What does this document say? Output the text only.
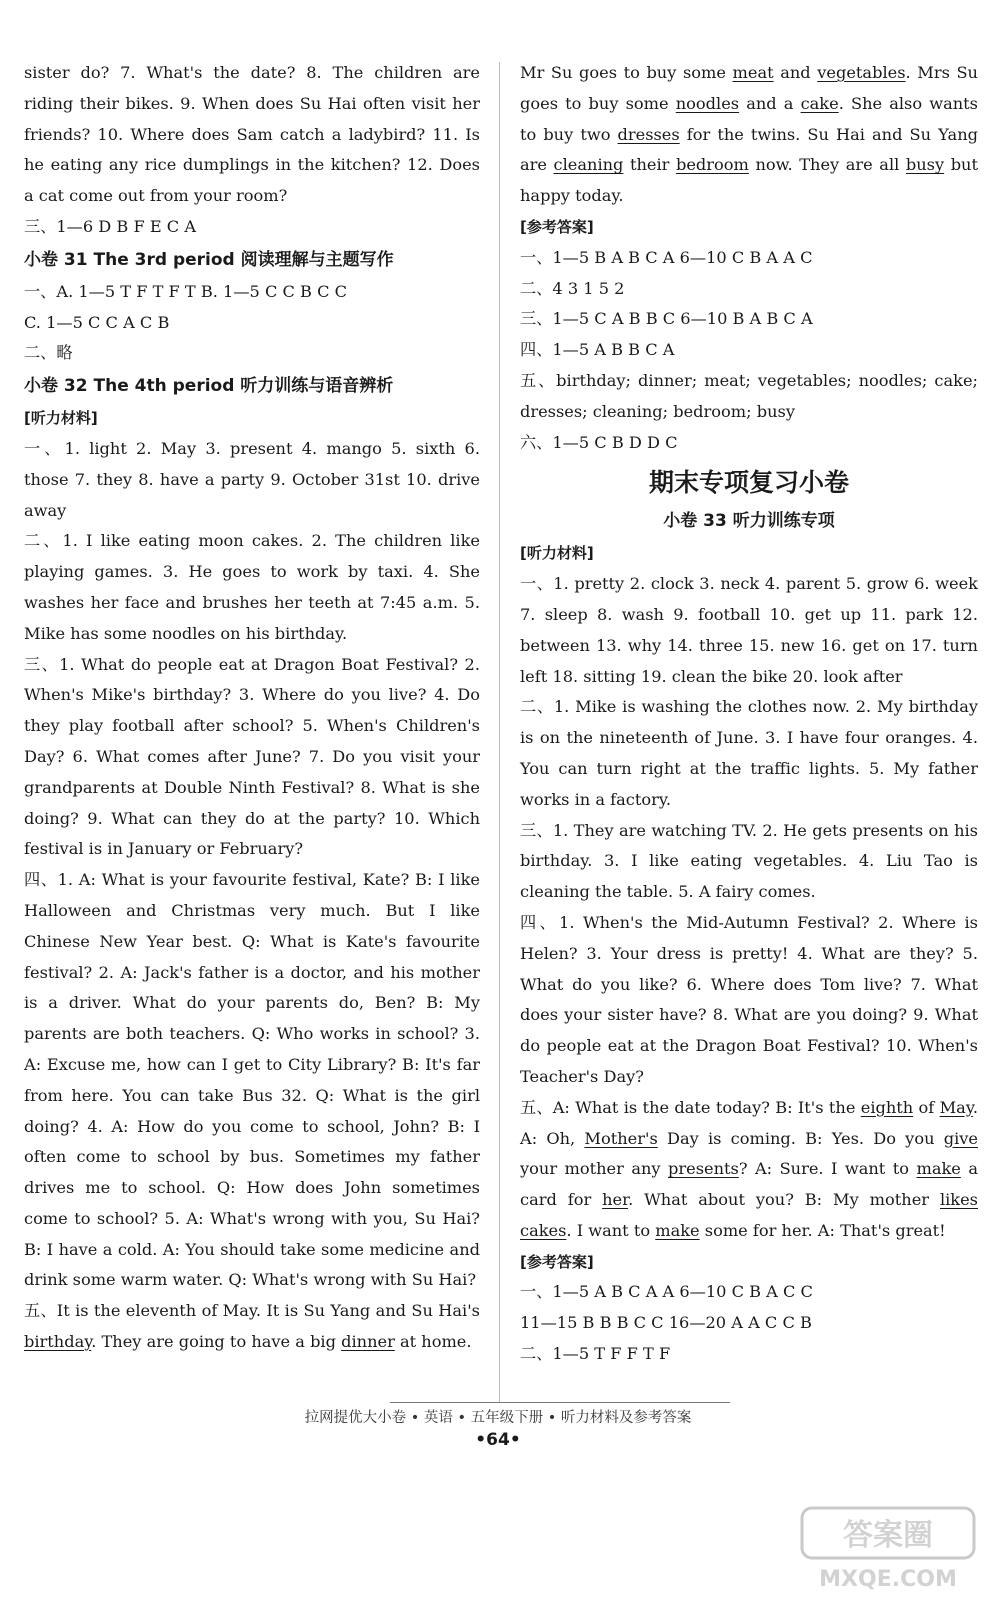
sister do? 7. What's the date? 8. The children are riding their bikes. 9. When does Su Hai often visit her friends? 10. Where does Sam catch a ladybird? 11. Is he eating any rice dumplings in the kitchen? 12. Does a cat come out from your room?

三、1—6 D B F E C A

小卷 31 The 3rd period 阅读理解与主题写作

一、A. 1—5 T F T F T B. 1—5 C C B C C

C. 1—5 C C A C B

二、略

小卷 32 The 4th period 听力训练与语音辨析

[听力材料]

一、1. light 2. May 3. present 4. mango 5. sixth 6. those 7. they 8. have a party 9. October 31st 10. drive away

二、1. I like eating moon cakes. 2. The children like playing games. 3. He goes to work by taxi. 4. She washes her face and brushes her teeth at 7:45 a.m. 5. Mike has some noodles on his birthday.

三、1. What do people eat at Dragon Boat Festival? 2. When's Mike's birthday? 3. Where do you live? 4. Do they play football after school? 5. When's Children's Day? 6. What comes after June? 7. Do you visit your grandparents at Double Ninth Festival? 8. What is she doing? 9. What can they do at the party? 10. Which festival is in January or February?

四、1. A: What is your favourite festival, Kate? B: I like Halloween and Christmas very much. But I like Chinese New Year best. Q: What is Kate's favourite festival? 2. A: Jack's father is a doctor, and his mother is a driver. What do your parents do, Ben? B: My parents are both teachers. Q: Who works in school? 3. A: Excuse me, how can I get to City Library? B: It's far from here. You can take Bus 32. Q: What is the girl doing? 4. A: How do you come to school, John? B: I often come to school by bus. Sometimes my father drives me to school. Q: How does John sometimes come to school? 5. A: What's wrong with you, Su Hai? B: I have a cold. A: You should take some medicine and drink some warm water. Q: What's wrong with Su Hai?

五、It is the eleventh of May. It is Su Yang and Su Hai's birthday. They are going to have a big dinner at home.

Mr Su goes to buy some meat and vegetables. Mrs Su goes to buy some noodles and a cake. She also wants to buy two dresses for the twins. Su Hai and Su Yang are cleaning their bedroom now. They are all busy but happy today.

[参考答案]

一、1—5 B A B C A 6—10 C B A A C

二、4 3 1 5 2

三、1—5 C A B B C 6—10 B A B C A

四、1—5 A B B C A

五、birthday; dinner; meat; vegetables; noodles; cake; dresses; cleaning; bedroom; busy

六、1—5 C B D D C

期末专项复习小卷
小卷 33 听力训练专项

[听力材料]

一、1. pretty 2. clock 3. neck 4. parent 5. grow 6. week 7. sleep 8. wash 9. football 10. get up 11. park 12. between 13. why 14. three 15. new 16. get on 17. turn left 18. sitting 19. clean the bike 20. look after

二、1. Mike is washing the clothes now. 2. My birthday is on the nineteenth of June. 3. I have four oranges. 4. You can turn right at the traffic lights. 5. My father works in a factory.

三、1. They are watching TV. 2. He gets presents on his birthday. 3. I like eating vegetables. 4. Liu Tao is cleaning the table. 5. A fairy comes.

四、1. When's the Mid-Autumn Festival? 2. Where is Helen? 3. Your dress is pretty! 4. What are they? 5. What do you like? 6. Where does Tom live? 7. What does your sister have? 8. What are you doing? 9. What do people eat at the Dragon Boat Festival? 10. When's Teacher's Day?

五、A: What is the date today? B: It's the eighth of May. A: Oh, Mother's Day is coming. B: Yes. Do you give your mother any presents? A: Sure. I want to make a card for her. What about you? B: My mother likes cakes. I want to make some for her. A: That's great!

[参考答案]

一、1—5 A B C A A 6—10 C B A C C

11—15 B B B C C 16—20 A A C C B

二、1—5 T F F T F

拉网提优大小卷 • 英语 • 五年级下册 • 听力材料及参考答案
•64•
答案圈
MXQE.COM
